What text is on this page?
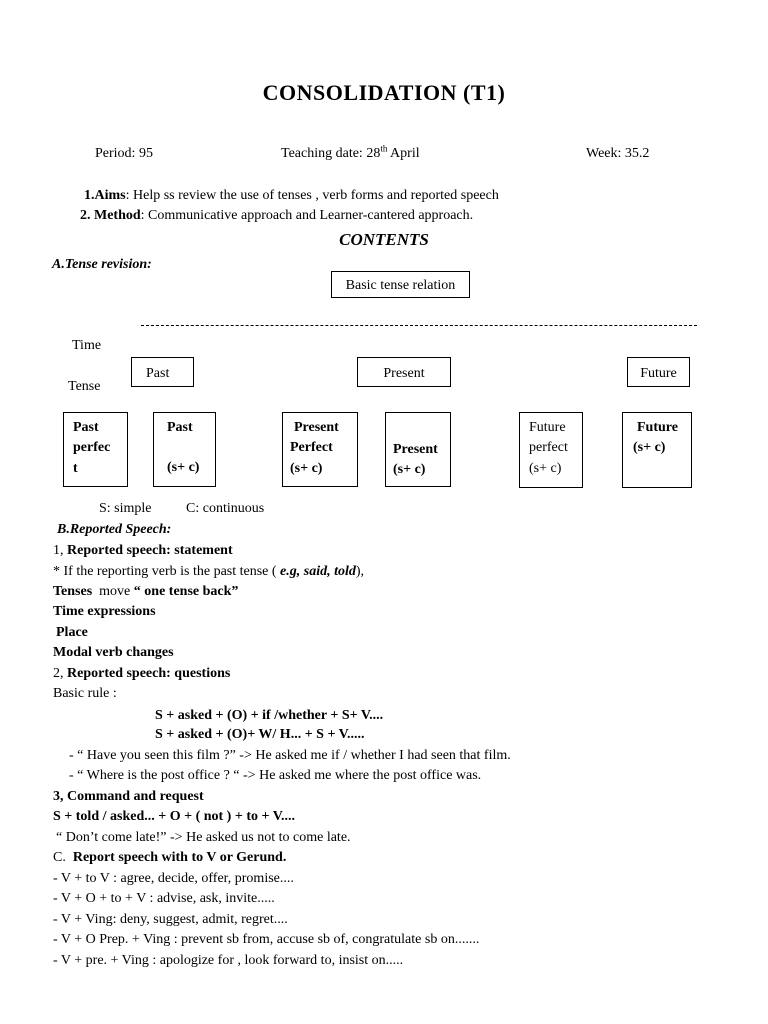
CONSOLIDATION (T1)
Period: 95	Teaching date: 28th April	Week: 35.2
1.Aims: Help ss review the use of tenses , verb forms and reported speech
2. Method: Communicative approach and Learner-cantered approach.
CONTENTS
A.Tense revision:
Basic tense relation
Time
Tense
Past	Present	Future
Past
perfec
t
Past
(s+ c)
Present
Perfect
(s+ c)
Present
(s+ c)
Future
perfect
(s+ c)
Future
(s+ c)
S: simple C: continuous
B.Reported Speech:
1, Reported speech: statement
* If the reporting verb is the past tense ( e.g, said, told),
Tenses  move “ one tense back”
Time expressions
Place
Modal verb changes
2, Reported speech: questions
Basic rule :
S + asked + (O) + if /whether + S+ V....
S + asked + (O)+ W/ H... + S + V.....
- “ Have you seen this film ?” -> He asked me if / whether I had seen that film.
- “ Where is the post office ? “ -> He asked me where the post office was.
3, Command and request
S + told / asked... + O + ( not ) + to + V....
“ Don’t come late!” -> He asked us not to come late.
C.  Report speech with to V or Gerund.
- V + to V : agree, decide, offer, promise....
- V + O + to + V : advise, ask, invite.....
- V + Ving: deny, suggest, admit, regret....
- V + O Prep. + Ving : prevent sb from, accuse sb of, congratulate sb on.......
- V + pre. + Ving : apologize for , look forward to, insist on.....
